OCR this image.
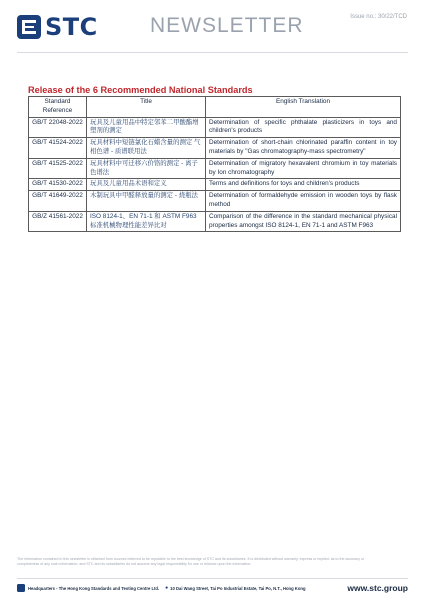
STC NEWSLETTER	Issue no.: 30/22/TCD
Release of the 6 Recommended National Standards
Standard
Reference	Title	English Translation
GB/T 22048-2022	玩具及儿童用品中特定邻苯二甲酸酯增塑剂的测定	Determination of specific phthalate plasticizers in toys and children's products
GB/T 41524-2022	玩具材料中短链氯化石蜡含量的测定 气相色谱 - 质谱联用法	Determination of short-chain chlorinated paraffin content in toy materials by "Gas chromatography-mass spectrometry"
GB/T 41525-2022	玩具材料中可迁移六价铬的测定 - 离子色谱法	Determination of migratory hexavalent chromium in toy materials by Ion chromatography
GB/T 41530-2022	玩具及儿童用品术语和定义	Terms and definitions for toys and children's products
GB/T 41649-2022	木制玩具中甲醛释放量的测定 - 烧瓶法	Determination of formaldehyde emission in wooden toys by flask method
GB/Z 41561-2022	ISO 8124-1、EN 71-1 和 ASTM F963 标准机械物理性能差异比对	Comparison of the difference in the standard mechanical physical properties amongst ISO 8124-1, EN 71-1 and ASTM F963
The information contained in this newsletter is obtained from sources believed to be reputable to the best knowledge of STC and its subsidiaries. It is distributed without warranty, express or implied, as to the accuracy or completeness of any such information, and STC and its subsidiaries do not assume any legal responsibility for use or reliance upon the information.
Headquarters - The Hong Kong Standards and Testing Centre Ltd. ● 10 Dai Wang Street, Tai Po Industrial Estate, Tai Po, N.T., Hong Kong	www.stc.group
